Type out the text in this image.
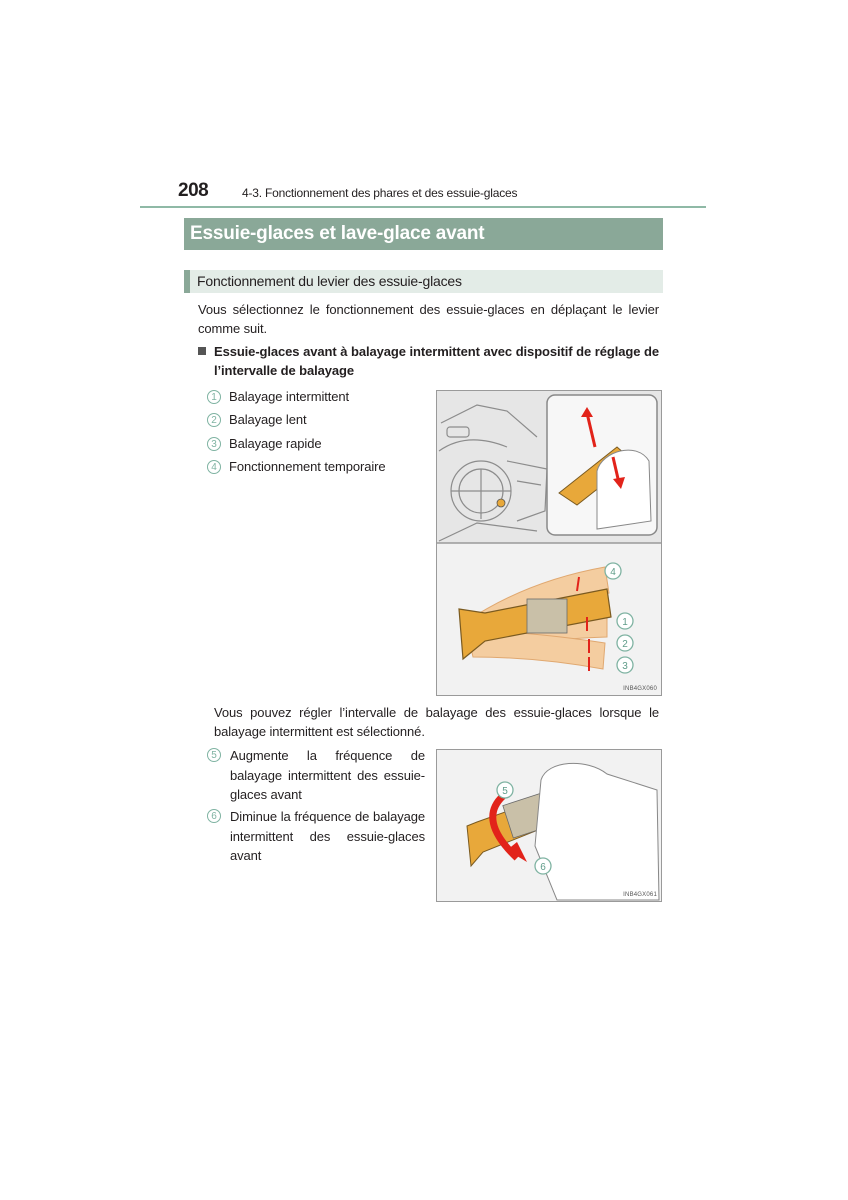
208	4-3. Fonctionnement des phares et des essuie-glaces
Essuie-glaces et lave-glace avant
Fonctionnement du levier des essuie-glaces
Vous sélectionnez le fonctionnement des essuie-glaces en déplaçant le levier comme suit.
Essuie-glaces avant à balayage intermittent avec dispositif de réglage de l’intervalle de balayage
1 Balayage intermittent
2 Balayage lent
3 Balayage rapide
4 Fonctionnement temporaire
4
1
2
3
INB4GX060
Vous pouvez régler l’intervalle de balayage des essuie-glaces lorsque le balayage intermittent est sélectionné.
5	Augmente la fréquence de balayage intermittent des essuie-glaces avant
6	Diminue la fréquence de balayage intermittent des essuie-glaces avant
5
6
INB4GX061
